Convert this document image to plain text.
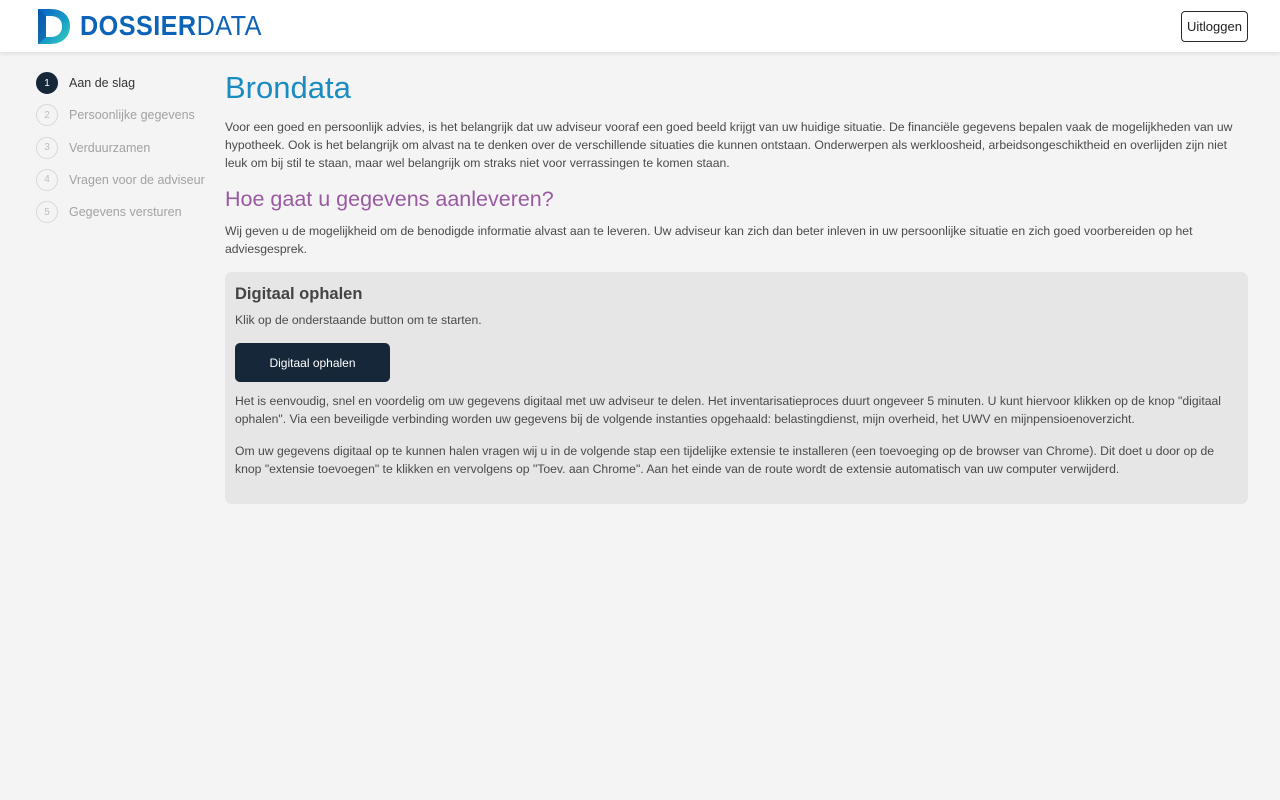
DOSSIERDATA	Uitloggen
1	Aan de slag
2	Persoonlijke gegevens
3	Verduurzamen
4	Vragen voor de adviseur
5	Gegevens versturen
Brondata

Voor een goed en persoonlijk advies, is het belangrijk dat uw adviseur vooraf een goed beeld krijgt van uw huidige situatie. De financiële gegevens bepalen vaak de mogelijkheden van uw hypotheek. Ook is het belangrijk om alvast na te denken over de verschillende situaties die kunnen ontstaan. Onderwerpen als werkloosheid, arbeidsongeschiktheid en overlijden zijn niet leuk om bij stil te staan, maar wel belangrijk om straks niet voor verrassingen te komen staan.

Hoe gaat u gegevens aanleveren?

Wij geven u de mogelijkheid om de benodigde informatie alvast aan te leveren. Uw adviseur kan zich dan beter inleven in uw persoonlijke situatie en zich goed voorbereiden op het adviesgesprek.

Digitaal ophalen

Klik op de onderstaande button om te starten.

Digitaal ophalen

Het is eenvoudig, snel en voordelig om uw gegevens digitaal met uw adviseur te delen. Het inventarisatieproces duurt ongeveer 5 minuten. U kunt hiervoor klikken op de knop "digitaal ophalen". Via een beveiligde verbinding worden uw gegevens bij de volgende instanties opgehaald: belastingdienst, mijn overheid, het UWV en mijnpensioenoverzicht.

Om uw gegevens digitaal op te kunnen halen vragen wij u in de volgende stap een tijdelijke extensie te installeren (een toevoeging op de browser van Chrome). Dit doet u door op de knop "extensie toevoegen" te klikken en vervolgens op "Toev. aan Chrome". Aan het einde van de route wordt de extensie automatisch van uw computer verwijderd.
